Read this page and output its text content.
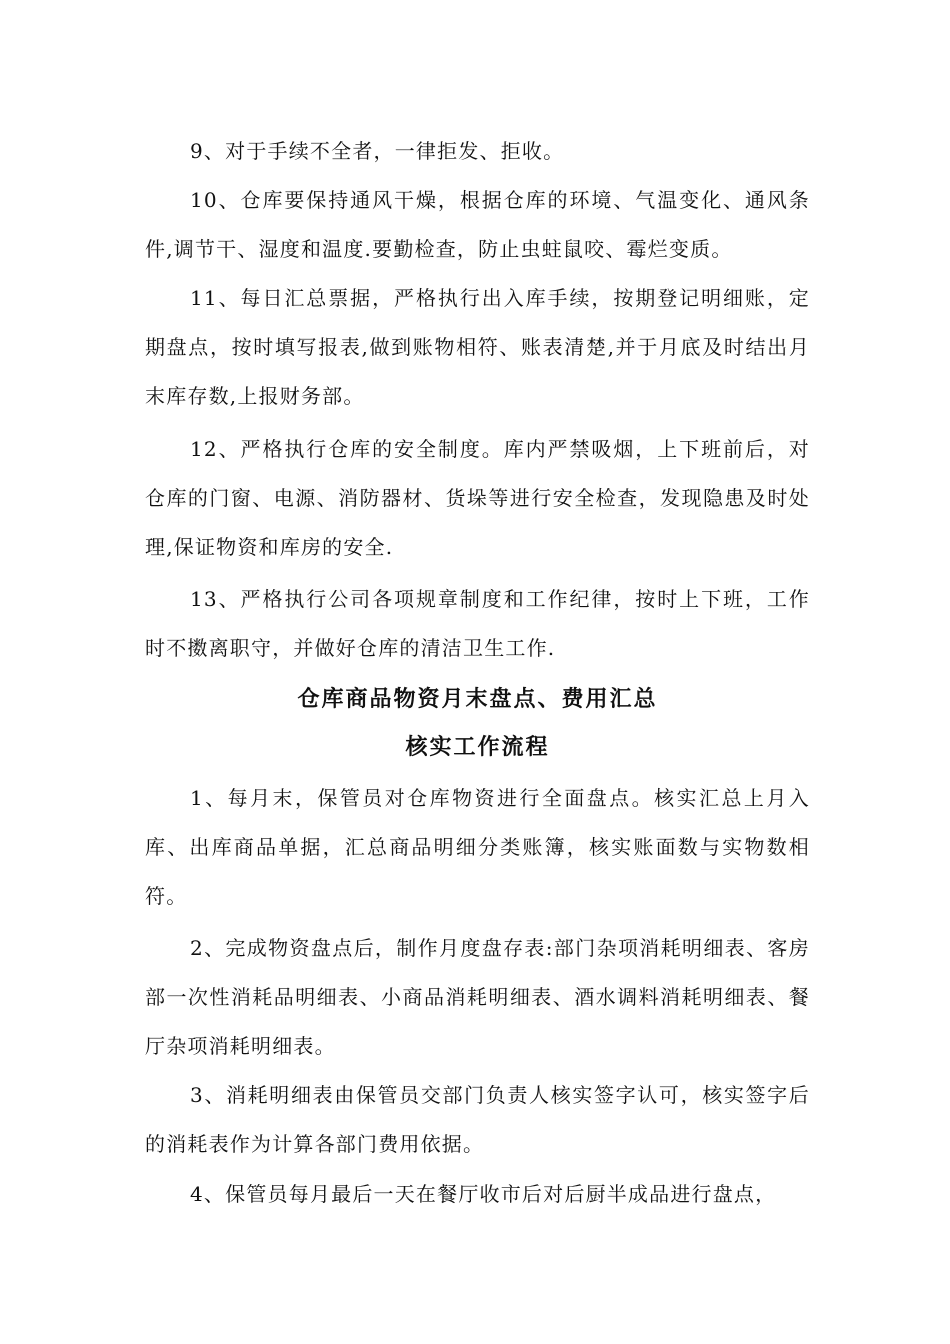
9、对于手续不全者，一律拒发、拒收。

10、仓库要保持通风干燥，根据仓库的环境、气温变化、通风条件,调节干、湿度和温度.要勤检查，防止虫蛀鼠咬、霉烂变质。

11、每日汇总票据，严格执行出入库手续，按期登记明细账，定期盘点，按时填写报表,做到账物相符、账表清楚,并于月底及时结出月末库存数,上报财务部。

12、严格执行仓库的安全制度。库内严禁吸烟，上下班前后，对仓库的门窗、电源、消防器材、货垛等进行安全检查，发现隐患及时处理,保证物资和库房的安全.

13、严格执行公司各项规章制度和工作纪律，按时上下班，工作时不擞离职守，并做好仓库的清洁卫生工作.

仓库商品物资月末盘点、费用汇总
核实工作流程

1、每月末，保管员对仓库物资进行全面盘点。核实汇总上月入库、出库商品单据，汇总商品明细分类账簿，核实账面数与实物数相符。

2、完成物资盘点后，制作月度盘存表:部门杂项消耗明细表、客房部一次性消耗品明细表、小商品消耗明细表、酒水调料消耗明细表、餐厅杂项消耗明细表。

3、消耗明细表由保管员交部门负责人核实签字认可，核实签字后的消耗表作为计算各部门费用依据。

4、保管员每月最后一天在餐厅收市后对后厨半成品进行盘点，
